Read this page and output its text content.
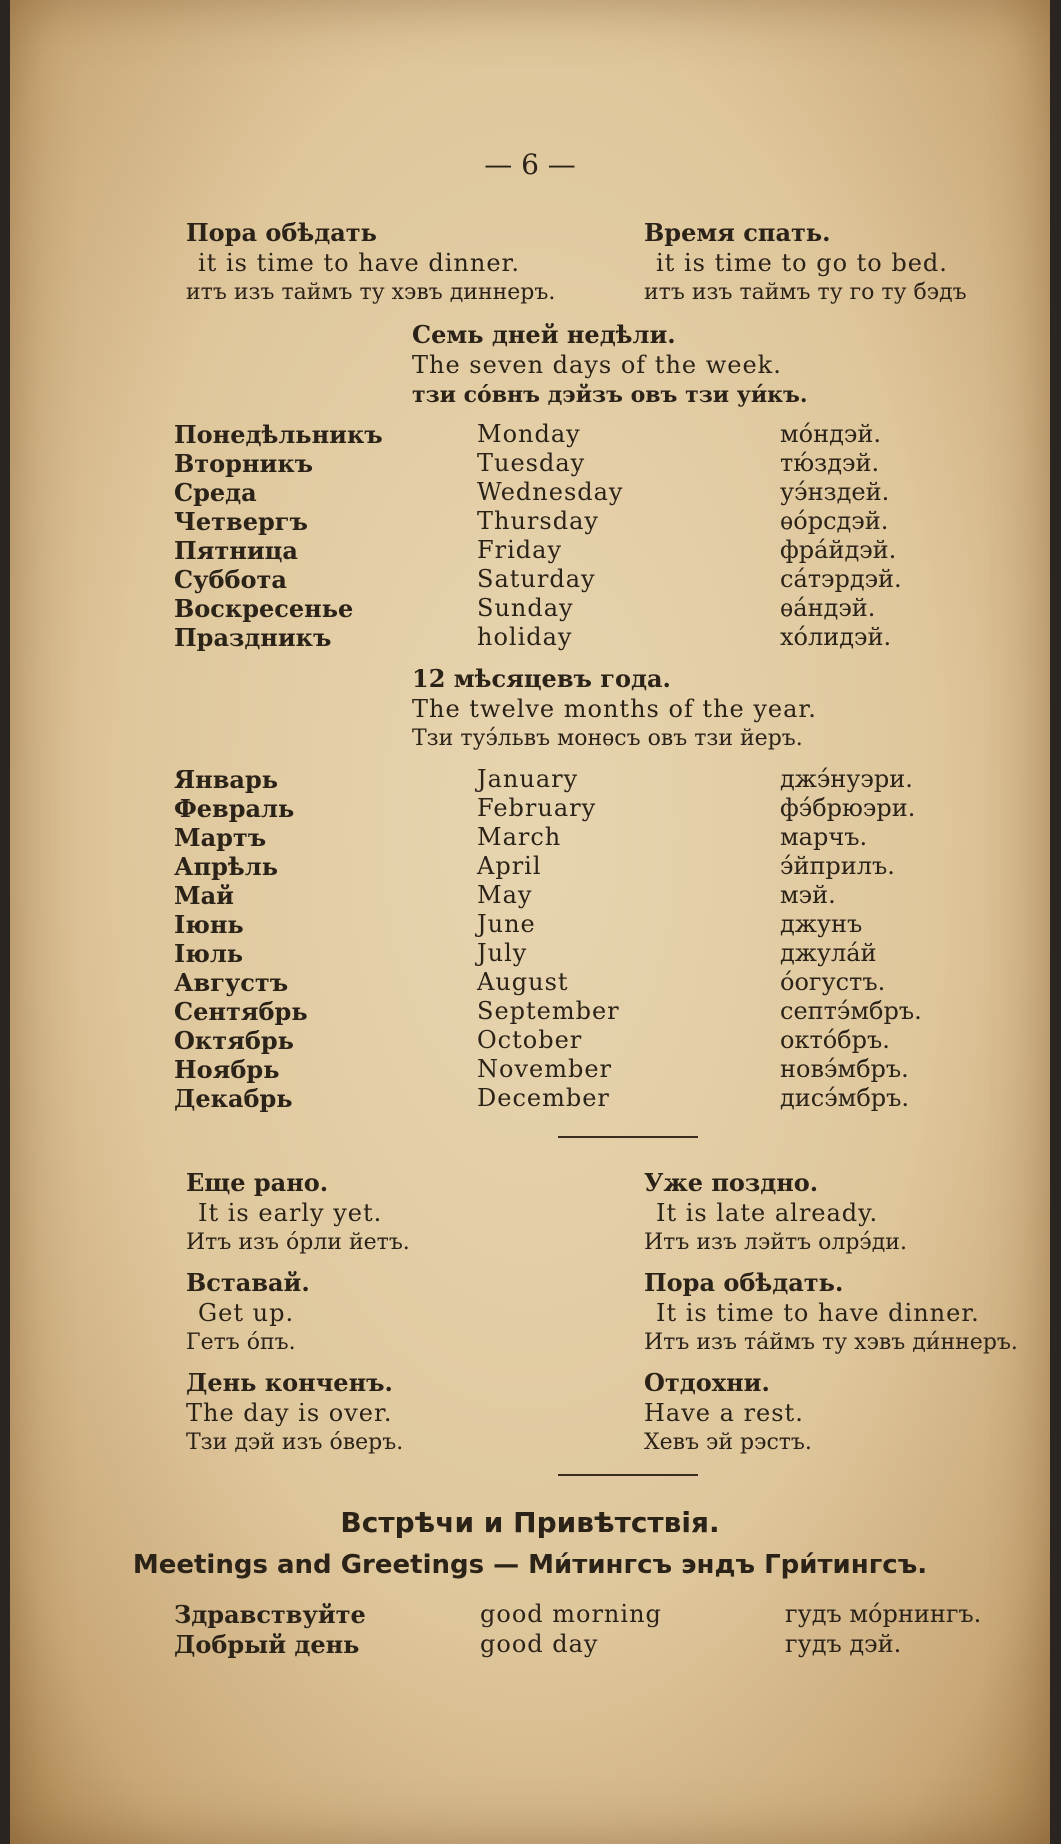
— 6 —
Пора обѣдать
it is time to have dinner.
итъ изъ таймъ ту хэвъ диннеръ.
Время спать.
it is time to go to bed.
итъ изъ таймъ ту го ту бэдъ
Семь дней недѣли.
The seven days of the week.
тзи сóвнъ дэйзъ овъ тзи уи́къ.
Понедѣльникъ	Monday	мóндэй.
Вторникъ	Tuesday	тю́здэй.
Среда	Wednesday	уэ́нздей.
Четвергъ	Thursday	ѳóрсдэй.
Пятница	Friday	фрáйдэй.
Суббота	Saturday	сáтэрдэй.
Воскресенье	Sunday	ѳáндэй.
Праздникъ	holiday	хóлидэй.
12 мѣсяцевъ года.
The twelve months of the year.
Тзи туэ́львъ монѳсъ овъ тзи йеръ.
Январь	January	джэ́нуэри.
Февраль	February	фэ́брюэри.
Мартъ	March	марчъ.
Апрѣль	April	э́йприлъ.
Май	May	мэй.
Іюнь	June	джунъ
Іюль	July	джулáй
Августъ	August	óогустъ.
Сентябрь	September	септэ́мбръ.
Октябрь	October	октóбръ.
Ноябрь	November	новэ́мбръ.
Декабрь	December	дисэ́мбръ.
Еще рано.
It is early yet.
Итъ изъ óрли йетъ.
Уже поздно.
It is late already.
Итъ изъ лэйтъ олрэ́ди.
Вставай.
Get up.
Гетъ óпъ.
Пора обѣдать.
It is time to have dinner.
Итъ изъ тáймъ ту хэвъ ди́ннеръ.
День конченъ.
The day is over.
Тзи дэй изъ óверъ.
Отдохни.
Have a rest.
Хевъ эй рэстъ.
Встрѣчи и Привѣтствія.
Meetings and Greetings — Ми́тингсъ эндъ Гри́тингсъ.
Здравствуйте	good morning	гудъ мóрнингъ.
Добрый день	good day	гудъ дэй.
